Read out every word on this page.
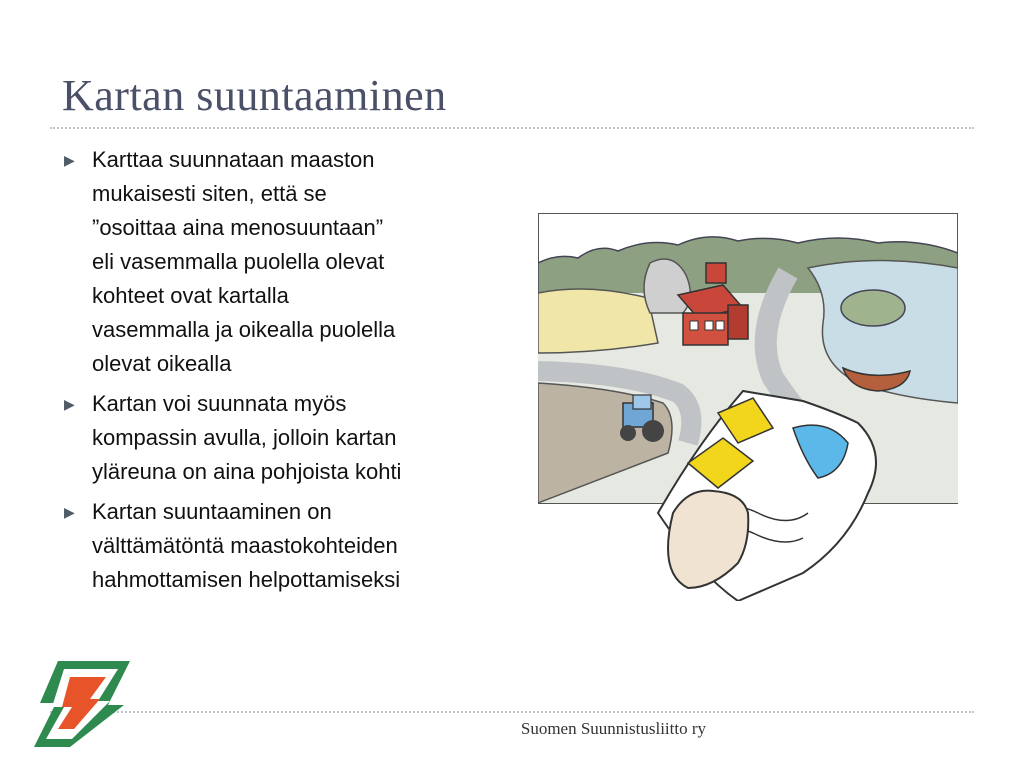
Kartan suuntaaminen
▶ Karttaa suunnataan maaston
mukaisesti siten, että se
”osoittaa aina menosuuntaan”
eli vasemmalla puolella olevat
kohteet ovat kartalla
vasemmalla ja oikealla puolella
olevat oikealla
▶ Kartan voi suunnata myös
kompassin avulla, jolloin kartan
yläreuna on aina pohjoista kohti
▶ Kartan suuntaaminen on
välttämätöntä maastokohteiden
hahmottamisen helpottamiseksi
Suomen Suunnistusliitto ry
